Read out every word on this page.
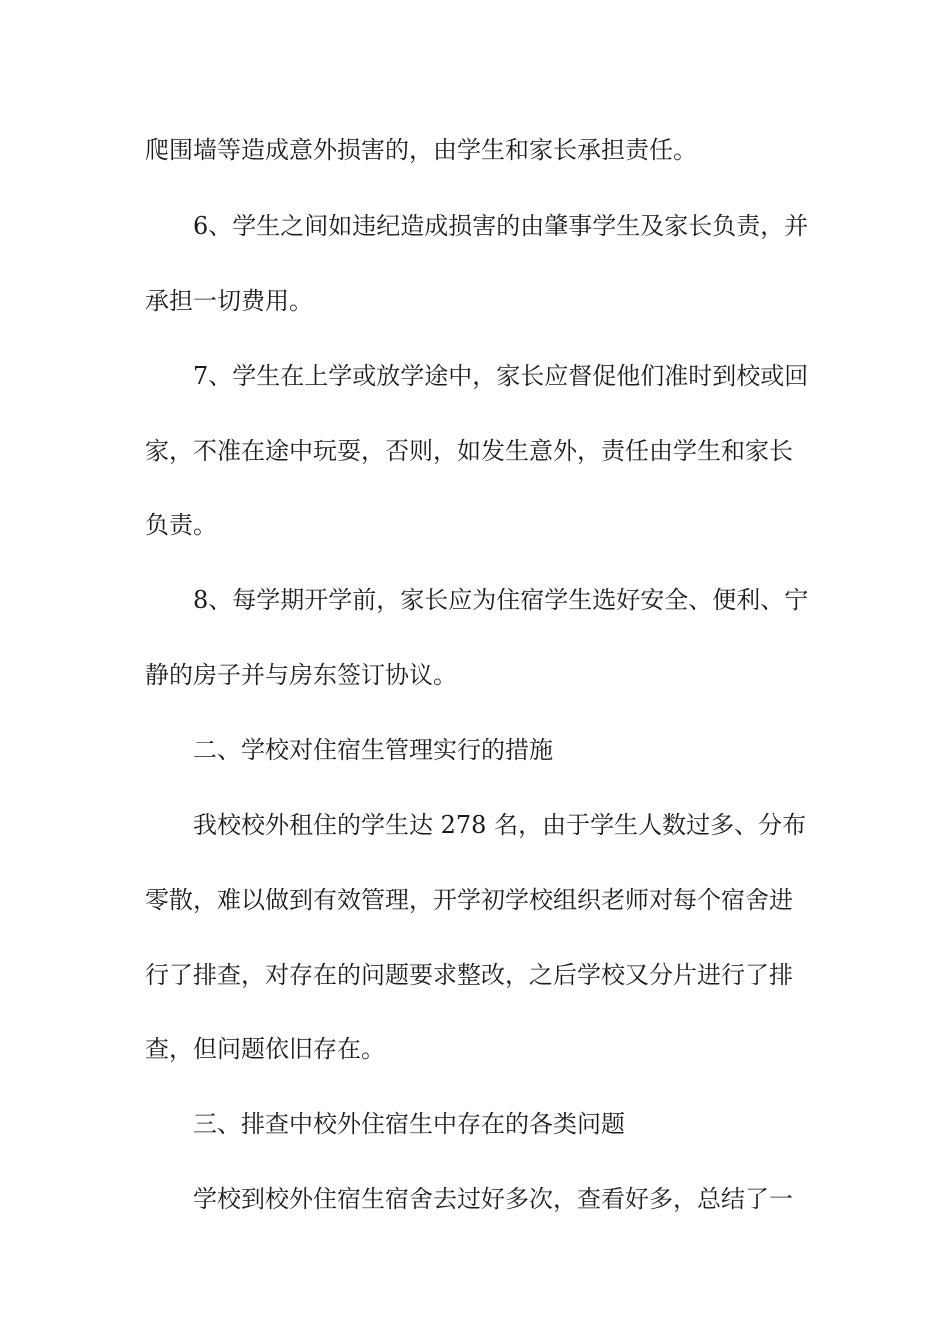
爬围墙等造成意外损害的，由学生和家长承担责任。
6、学生之间如违纪造成损害的由肇事学生及家长负责，并
承担一切费用。
7、学生在上学或放学途中，家长应督促他们准时到校或回
家，不准在途中玩耍，否则，如发生意外，责任由学生和家长
负责。
8、每学期开学前，家长应为住宿学生选好安全、便利、宁
静的房子并与房东签订协议。
二、学校对住宿生管理实行的措施
我校校外租住的学生达 278 名，由于学生人数过多、分布
零散，难以做到有效管理，开学初学校组织老师对每个宿舍进
行了排查，对存在的问题要求整改，之后学校又分片进行了排
查，但问题依旧存在。
三、排查中校外住宿生中存在的各类问题
学校到校外住宿生宿舍去过好多次，查看好多，总结了一
